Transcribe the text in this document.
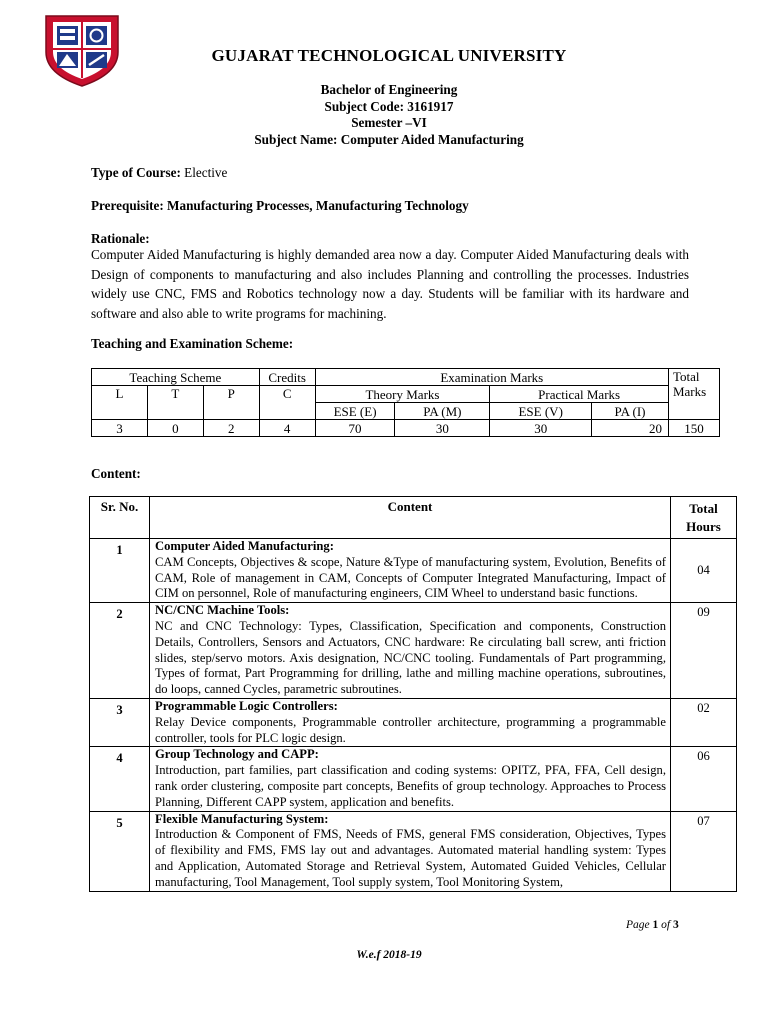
GUJARAT TECHNOLOGICAL UNIVERSITY
Bachelor of Engineering
Subject Code: 3161917
Semester –VI
Subject Name: Computer Aided Manufacturing
Type of Course: Elective
Prerequisite: Manufacturing Processes, Manufacturing Technology
Rationale:
Computer Aided Manufacturing is highly demanded area now a day. Computer Aided Manufacturing deals with Design of components to manufacturing and also includes Planning and controlling the processes. Industries widely use CNC, FMS and Robotics technology now a day. Students will be familiar with its hardware and software and also able to write programs for machining.
Teaching and Examination Scheme:
Teaching Scheme			Credits	Examination Marks				Total
Marks

L	T	P	C	Theory Marks		Practical Marks		
				ESE (E)	PA (M)	ESE (V)	PA (I)	
3	0	2	4	70	30	30	20	150
Content:
Sr. No.	Content	Total
Hours

1	Computer Aided Manufacturing:
CAM Concepts, Objectives & scope, Nature &Type of manufacturing system, Evolution, Benefits of CAM, Role of management in CAM, Concepts of Computer Integrated Manufacturing, Impact of CIM on personnel, Role of manufacturing engineers, CIM Wheel to understand basic functions.	04
2	NC/CNC Machine Tools:
NC and CNC Technology: Types, Classification, Specification and components, Construction Details, Controllers, Sensors and Actuators, CNC hardware: Re circulating ball screw, anti friction slides, step/servo motors. Axis designation, NC/CNC tooling. Fundamentals of Part programming, Types of format, Part Programming for drilling, lathe and milling machine operations, subroutines, do loops, canned Cycles, parametric subroutines.	09
3	Programmable Logic Controllers:
Relay Device components, Programmable controller architecture, programming a programmable controller, tools for PLC logic design.	02
4	Group Technology and CAPP:
Introduction, part families, part classification and coding systems: OPITZ, PFA, FFA, Cell design, rank order clustering, composite part concepts, Benefits of group technology. Approaches to Process Planning, Different CAPP system, application and benefits.	06
5	Flexible Manufacturing System:
Introduction & Component of FMS, Needs of FMS, general FMS consideration, Objectives, Types of flexibility and FMS, FMS lay out and advantages. Automated material handling system: Types and Application, Automated Storage and Retrieval System, Automated Guided Vehicles, Cellular manufacturing, Tool Management, Tool supply system, Tool Monitoring System,	07
Page 1 of 3
W.e.f 2018-19
